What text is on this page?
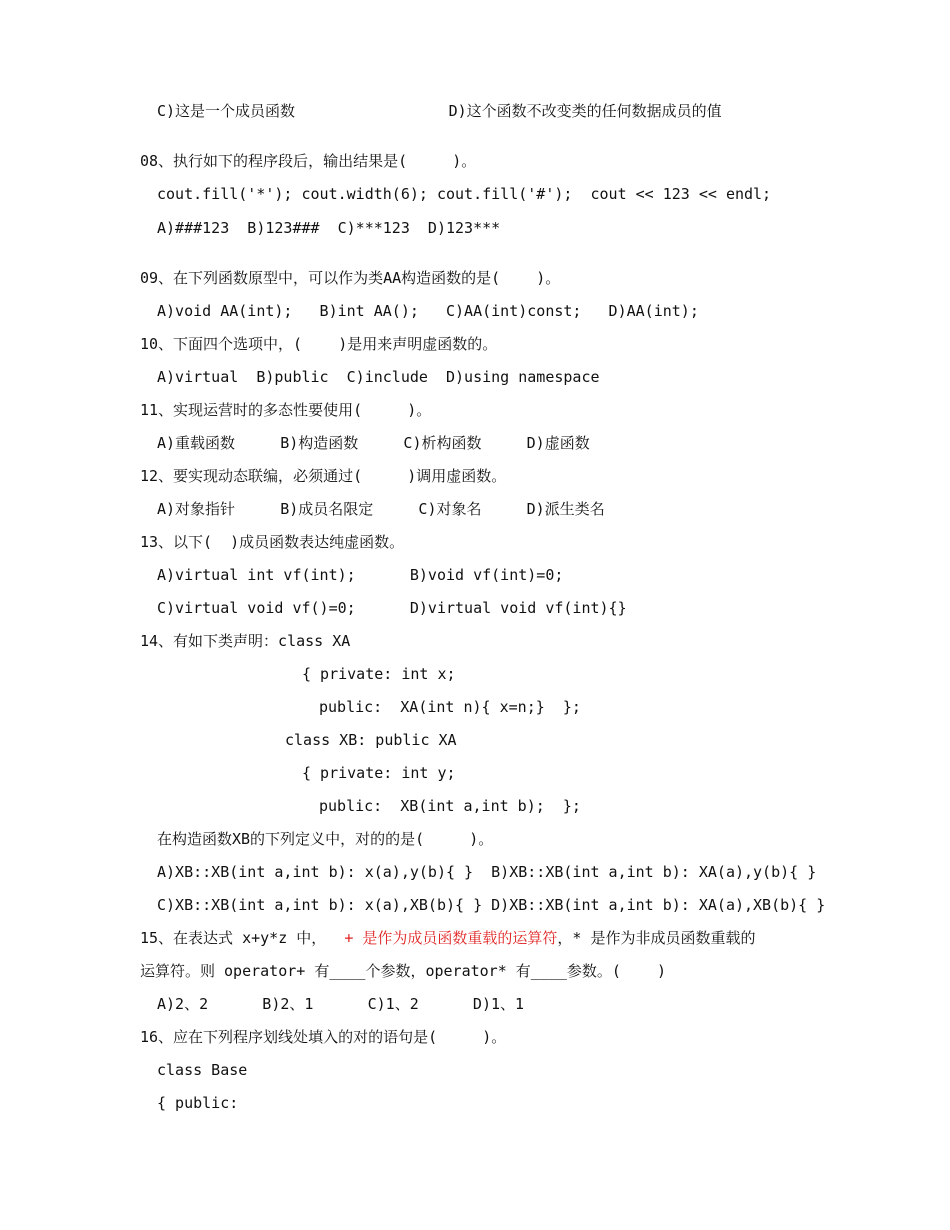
C)这是一个成员函数                 D)这个函数不改变类的任何数据成员的值
08、执行如下的程序段后，输出结果是(     )。
cout.fill('*'); cout.width(6); cout.fill('#');  cout << 123 << endl;
A)###123  B)123###  C)***123  D)123***
09、在下列函数原型中，可以作为类AA构造函数的是(    )。
A)void AA(int);   B)int AA();   C)AA(int)const;   D)AA(int);
10、下面四个选项中，(    )是用来声明虚函数的。
A)virtual  B)public  C)include  D)using namespace
11、实现运营时的多态性要使用(     )。
A)重载函数     B)构造函数     C)析构函数     D)虚函数
12、要实现动态联编，必须通过(     )调用虚函数。
A)对象指针     B)成员名限定     C)对象名     D)派生类名
13、以下(  )成员函数表达纯虚函数。
A)virtual int vf(int);      B)void vf(int)=0;
C)virtual void vf()=0;      D)virtual void vf(int){}
14、有如下类声明：class XA
{ private: int x;
public:  XA(int n){ x=n;}  };
class XB: public XA
{ private: int y;
public:  XB(int a,int b);  };
在构造函数XB的下列定义中，对的的是(     )。
A)XB::XB(int a,int b): x(a),y(b){ }  B)XB::XB(int a,int b): XA(a),y(b){ }
C)XB::XB(int a,int b): x(a),XB(b){ } D)XB::XB(int a,int b): XA(a),XB(b){ }
15、在表达式 x+y*z 中，  + 是作为成员函数重载的运算符，* 是作为非成员函数重载的
运算符。则 operator+ 有____个参数，operator* 有____参数。(    )
A)2、2      B)2、1      C)1、2      D)1、1
16、应在下列程序划线处填入的对的语句是(     )。
class Base
{ public:
